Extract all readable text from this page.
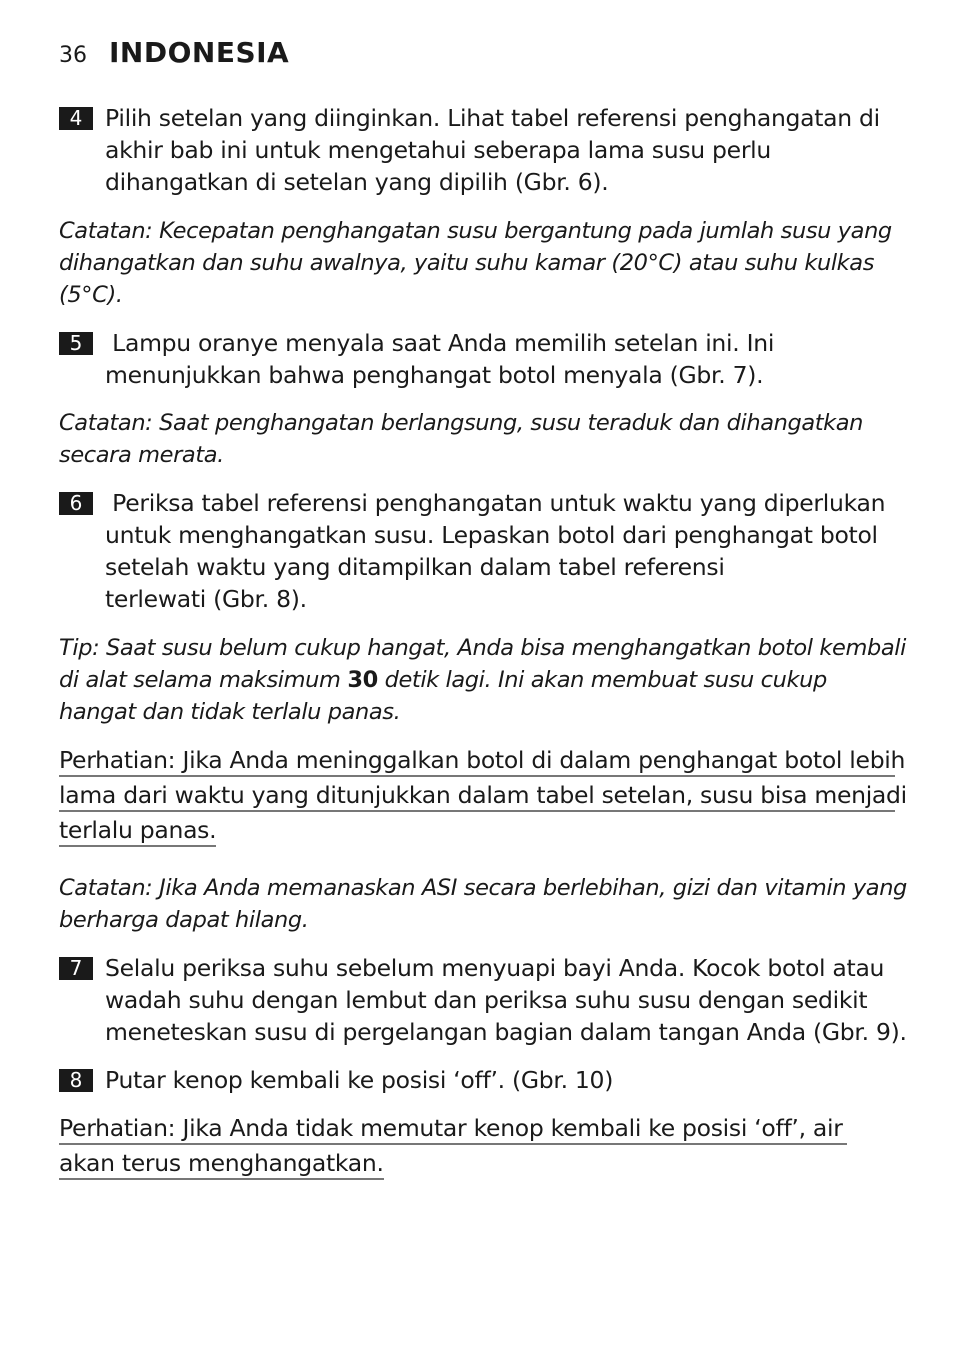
36 INDONESIA
4 Pilih setelan yang diinginkan. Lihat tabel referensi penghangatan di
akhir bab ini untuk mengetahui seberapa lama susu perlu
dihangatkan di setelan yang dipilih (Gbr. 6).
Catatan: Kecepatan penghangatan susu bergantung pada jumlah susu yang
dihangatkan dan suhu awalnya, yaitu suhu kamar (20°C) atau suhu kulkas
(5°C).
5 Lampu oranye menyala saat Anda memilih setelan ini. Ini
menunjukkan bahwa penghangat botol menyala (Gbr. 7).
Catatan: Saat penghangatan berlangsung, susu teraduk dan dihangatkan
secara merata.
6 Periksa tabel referensi penghangatan untuk waktu yang diperlukan
untuk menghangatkan susu. Lepaskan botol dari penghangat botol
setelah waktu yang ditampilkan dalam tabel referensi
terlewati (Gbr. 8).
Tip: Saat susu belum cukup hangat, Anda bisa menghangatkan botol kembali
di alat selama maksimum 30 detik lagi. Ini akan membuat susu cukup
hangat dan tidak terlalu panas.
Perhatian: Jika Anda meninggalkan botol di dalam penghangat botol lebih
lama dari waktu yang ditunjukkan dalam tabel setelan, susu bisa menjadi
terlalu panas.
Catatan: Jika Anda memanaskan ASI secara berlebihan, gizi dan vitamin yang
berharga dapat hilang.
7 Selalu periksa suhu sebelum menyuapi bayi Anda. Kocok botol atau
wadah suhu dengan lembut dan periksa suhu susu dengan sedikit
meneteskan susu di pergelangan bagian dalam tangan Anda (Gbr. 9).
8 Putar kenop kembali ke posisi ‘off’. (Gbr. 10)
Perhatian: Jika Anda tidak memutar kenop kembali ke posisi ‘off’, air
akan terus menghangatkan.
